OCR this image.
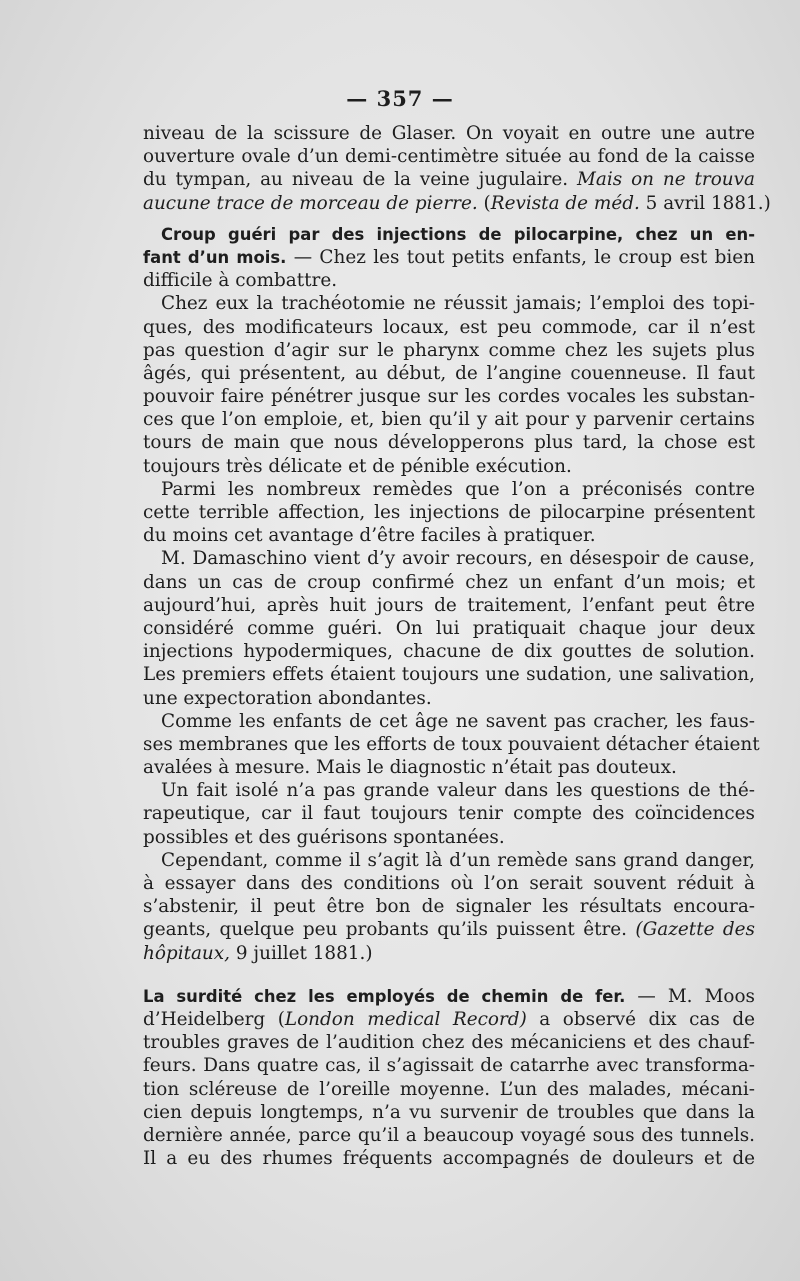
— 357 —
niveau de la scissure de Glaser. On voyait en outre une autre
ouverture ovale d’un demi-centimètre située au fond de la caisse
du tympan, au niveau de la veine jugulaire. Mais on ne trouva
aucune trace de morceau de pierre. (Revista de méd. 5 avril 1881.)
Croup guéri par des injections de pilocarpine, chez un en-
fant d’un mois. — Chez les tout petits enfants, le croup est bien
difficile à combattre.
Chez eux la trachéotomie ne réussit jamais; l’emploi des topi-
ques, des modificateurs locaux, est peu commode, car il n’est
pas question d’agir sur le pharynx comme chez les sujets plus
âgés, qui présentent, au début, de l’angine couenneuse. Il faut
pouvoir faire pénétrer jusque sur les cordes vocales les substan-
ces que l’on emploie, et, bien qu’il y ait pour y parvenir certains
tours de main que nous développerons plus tard, la chose est
toujours très délicate et de pénible exécution.
Parmi les nombreux remèdes que l’on a préconisés contre
cette terrible affection, les injections de pilocarpine présentent
du moins cet avantage d’être faciles à pratiquer.
M. Damaschino vient d’y avoir recours, en désespoir de cause,
dans un cas de croup confirmé chez un enfant d’un mois; et
aujourd’hui, après huit jours de traitement, l’enfant peut être
considéré comme guéri. On lui pratiquait chaque jour deux
injections hypodermiques, chacune de dix gouttes de solution.
Les premiers effets étaient toujours une sudation, une salivation,
une expectoration abondantes.
Comme les enfants de cet âge ne savent pas cracher, les faus-
ses membranes que les efforts de toux pouvaient détacher étaient
avalées à mesure. Mais le diagnostic n’était pas douteux.
Un fait isolé n’a pas grande valeur dans les questions de thé-
rapeutique, car il faut toujours tenir compte des coïncidences
possibles et des guérisons spontanées.
Cependant, comme il s’agit là d’un remède sans grand danger,
à essayer dans des conditions où l’on serait souvent réduit à
s’abstenir, il peut être bon de signaler les résultats encoura-
geants, quelque peu probants qu’ils puissent être. (Gazette des
hôpitaux, 9 juillet 1881.)
La surdité chez les employés de chemin de fer. — M. Moos
d’Heidelberg (London medical Record) a observé dix cas de
troubles graves de l’audition chez des mécaniciens et des chauf-
feurs. Dans quatre cas, il s’agissait de catarrhe avec transforma-
tion scléreuse de l’oreille moyenne. L’un des malades, mécani-
cien depuis longtemps, n’a vu survenir de troubles que dans la
dernière année, parce qu’il a beaucoup voyagé sous des tunnels.
Il a eu des rhumes fréquents accompagnés de douleurs et de
